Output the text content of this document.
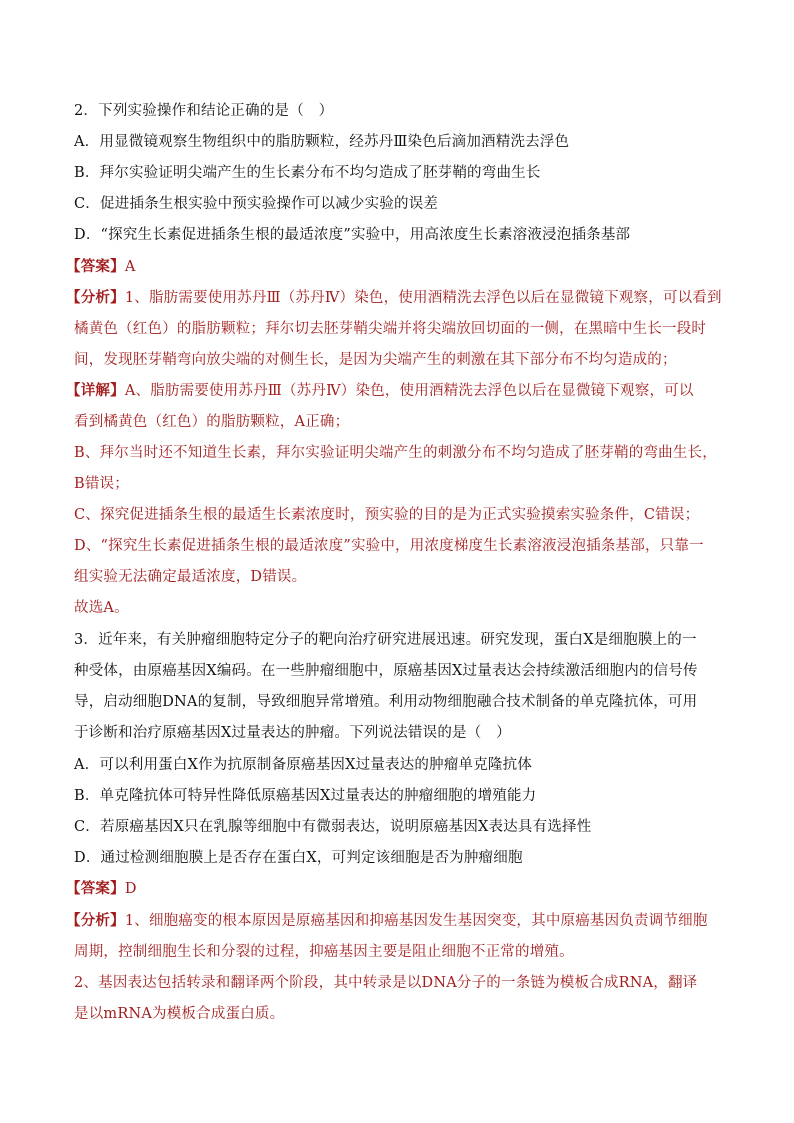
2．下列实验操作和结论正确的是（　）
A．用显微镜观察生物组织中的脂肪颗粒，经苏丹Ⅲ染色后滴加酒精洗去浮色
B．拜尔实验证明尖端产生的生长素分布不均匀造成了胚芽鞘的弯曲生长
C．促进插条生根实验中预实验操作可以减少实验的误差
D．“探究生长素促进插条生根的最适浓度”实验中，用高浓度生长素溶液浸泡插条基部
【答案】A
【分析】1、脂肪需要使用苏丹Ⅲ（苏丹Ⅳ）染色，使用酒精洗去浮色以后在显微镜下观察，可以看到
橘黄色（红色）的脂肪颗粒；拜尔切去胚芽鞘尖端并将尖端放回切面的一侧，在黑暗中生长一段时
间，发现胚芽鞘弯向放尖端的对侧生长，是因为尖端产生的刺激在其下部分布不均匀造成的；
【详解】A、脂肪需要使用苏丹Ⅲ（苏丹Ⅳ）染色，使用酒精洗去浮色以后在显微镜下观察，可以
看到橘黄色（红色）的脂肪颗粒，A正确；
B、拜尔当时还不知道生长素，拜尔实验证明尖端产生的刺激分布不均匀造成了胚芽鞘的弯曲生长，
B错误；
C、探究促进插条生根的最适生长素浓度时，预实验的目的是为正式实验摸索实验条件，C错误；
D、“探究生长素促进插条生根的最适浓度”实验中，用浓度梯度生长素溶液浸泡插条基部，只靠一
组实验无法确定最适浓度，D错误。
故选A。
3．近年来，有关肿瘤细胞特定分子的靶向治疗研究进展迅速。研究发现，蛋白X是细胞膜上的一
种受体，由原癌基因X编码。在一些肿瘤细胞中，原癌基因X过量表达会持续激活细胞内的信号传
导，启动细胞DNA的复制，导致细胞异常增殖。利用动物细胞融合技术制备的单克隆抗体，可用
于诊断和治疗原癌基因X过量表达的肿瘤。下列说法错误的是（　）
A．可以利用蛋白X作为抗原制备原癌基因X过量表达的肿瘤单克隆抗体
B．单克隆抗体可特异性降低原癌基因X过量表达的肿瘤细胞的增殖能力
C．若原癌基因X只在乳腺等细胞中有微弱表达，说明原癌基因X表达具有选择性
D．通过检测细胞膜上是否存在蛋白X，可判定该细胞是否为肿瘤细胞
【答案】D
【分析】1、细胞癌变的根本原因是原癌基因和抑癌基因发生基因突变，其中原癌基因负责调节细胞
周期，控制细胞生长和分裂的过程，抑癌基因主要是阻止细胞不正常的增殖。
2、基因表达包括转录和翻译两个阶段，其中转录是以DNA分子的一条链为模板合成RNA，翻译
是以mRNA为模板合成蛋白质。
